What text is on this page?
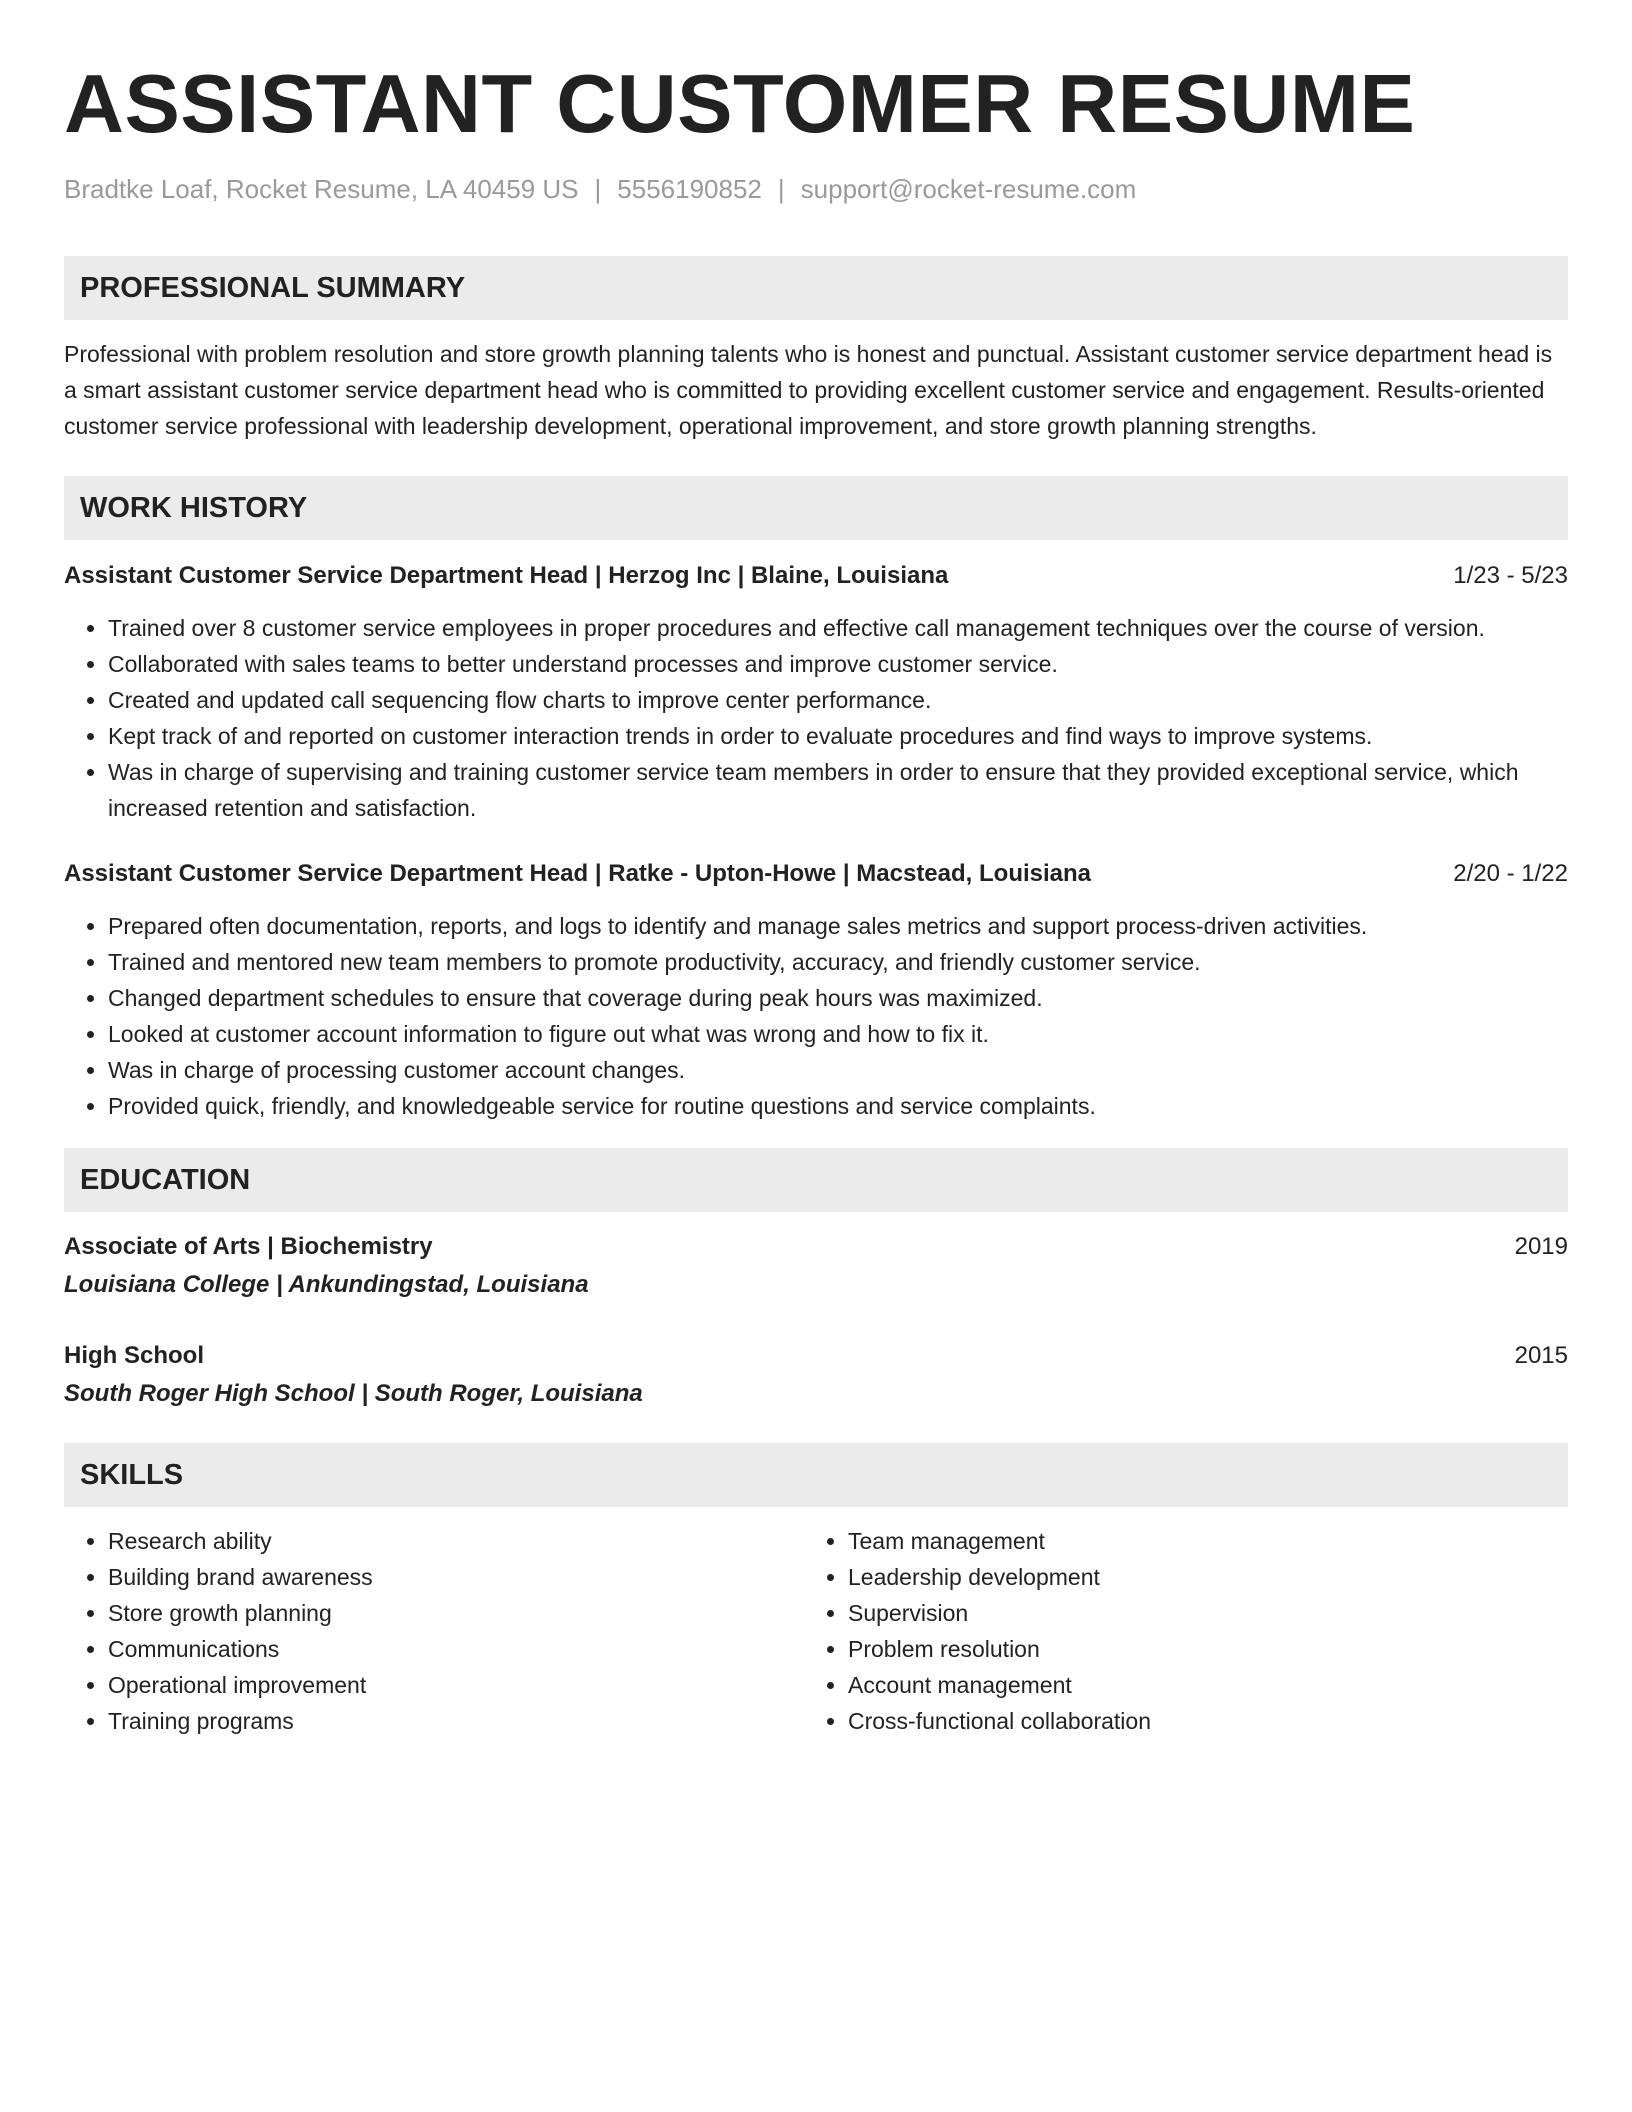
ASSISTANT CUSTOMER RESUME
Bradtke Loaf, Rocket Resume, LA 40459 US | 5556190852 | support@rocket-resume.com
PROFESSIONAL SUMMARY

Professional with problem resolution and store growth planning talents who is honest and punctual. Assistant customer service department head is a smart assistant customer service department head who is committed to providing excellent customer service and engagement. Results-oriented customer service professional with leadership development, operational improvement, and store growth planning strengths.

WORK HISTORY
Assistant Customer Service Department Head | Herzog Inc | Blaine, Louisiana	1/23 - 5/23
• Trained over 8 customer service employees in proper procedures and effective call management techniques over the course of version.
• Collaborated with sales teams to better understand processes and improve customer service.
• Created and updated call sequencing flow charts to improve center performance.
• Kept track of and reported on customer interaction trends in order to evaluate procedures and find ways to improve systems.
• Was in charge of supervising and training customer service team members in order to ensure that they provided exceptional service, which increased retention and satisfaction.
Assistant Customer Service Department Head | Ratke - Upton-Howe | Macstead, Louisiana	2/20 - 1/22
• Prepared often documentation, reports, and logs to identify and manage sales metrics and support process-driven activities.
• Trained and mentored new team members to promote productivity, accuracy, and friendly customer service.
• Changed department schedules to ensure that coverage during peak hours was maximized.
• Looked at customer account information to figure out what was wrong and how to fix it.
• Was in charge of processing customer account changes.
• Provided quick, friendly, and knowledgeable service for routine questions and service complaints.
EDUCATION
Associate of Arts | Biochemistry	2019
Louisiana College | Ankundingstad, Louisiana
High School	2015
South Roger High School | South Roger, Louisiana
SKILLS
• Research ability
• Building brand awareness
• Store growth planning
• Communications
• Operational improvement
• Training programs
• Team management
• Leadership development
• Supervision
• Problem resolution
• Account management
• Cross-functional collaboration
